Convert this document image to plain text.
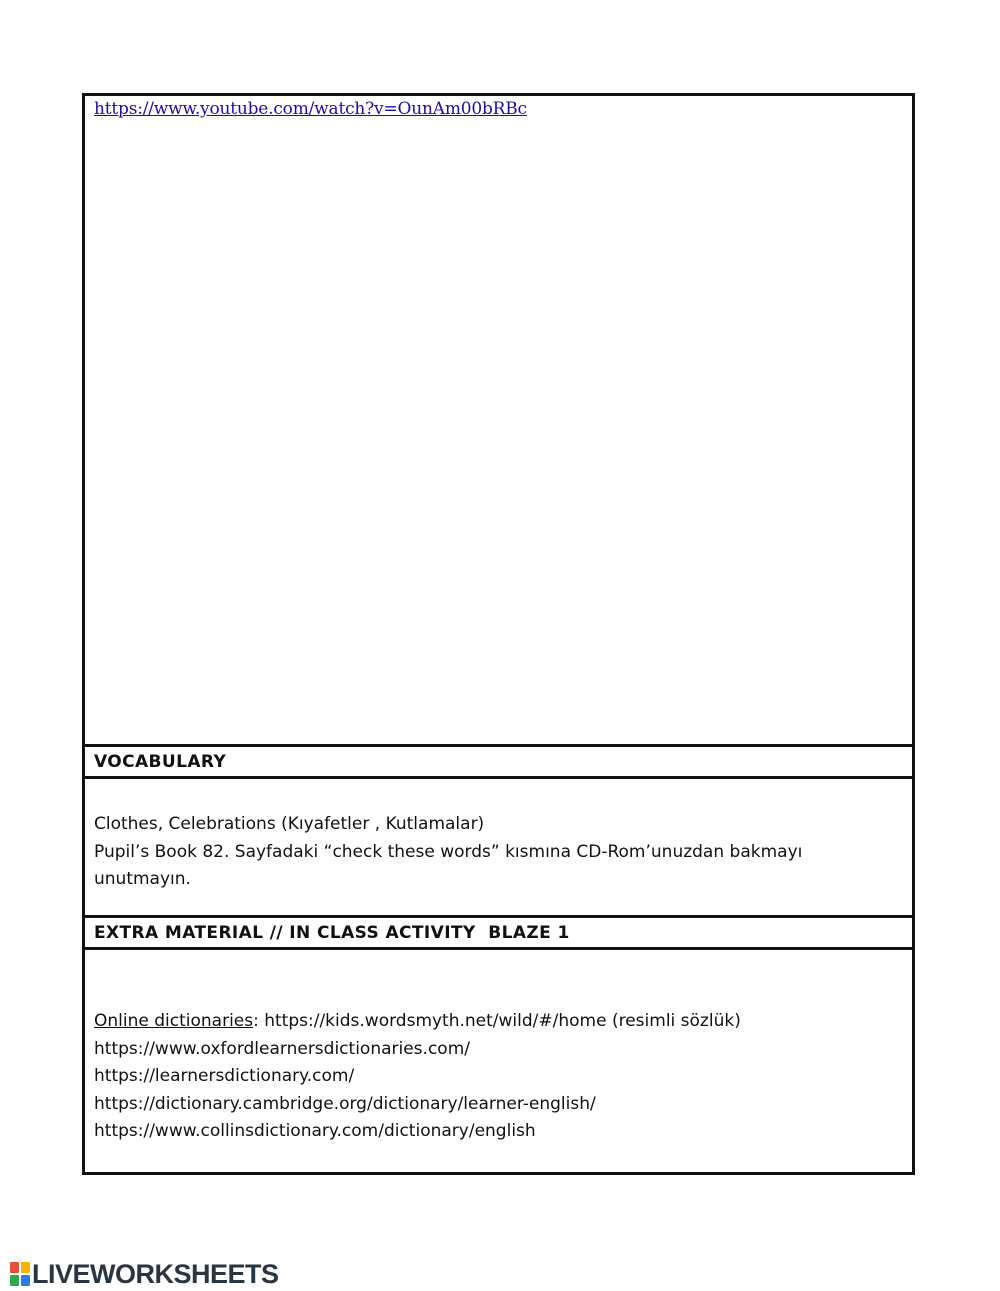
https://www.youtube.com/watch?v=OunAm00bRBc
VOCABULARY
Clothes, Celebrations (Kıyafetler , Kutlamalar)
Pupil’s Book 82. Sayfadaki “check these words” kısmına CD-Rom’unuzdan bakmayı
unutmayın.
EXTRA MATERIAL // IN CLASS ACTIVITY  BLAZE 1
Online dictionaries: https://kids.wordsmyth.net/wild/#/home (resimli sözlük)
https://www.oxfordlearnersdictionaries.com/
https://learnersdictionary.com/
https://dictionary.cambridge.org/dictionary/learner-english/
https://www.collinsdictionary.com/dictionary/english
LIVEWORKSHEETS
